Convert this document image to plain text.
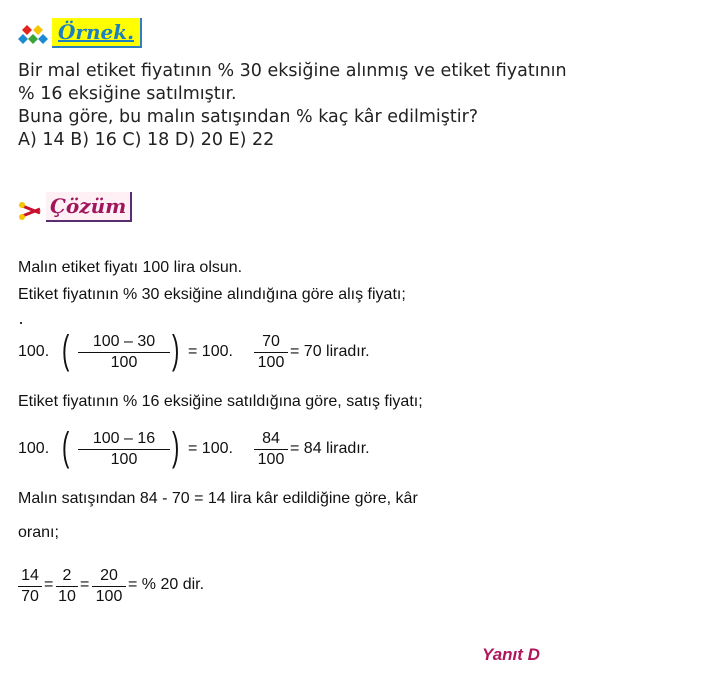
Örnek.
Bir mal etiket fiyatının % 30 eksiğine alınmış ve etiket fiyatının
% 16 eksiğine satılmıştır.
Buna göre, bu malın satışından % kaç kâr edilmiştir?
A) 14 B) 16 C) 18 D) 20 E) 22
Çözüm
Malın etiket fiyatı 100 lira olsun.
Etiket fiyatının % 30 eksiğine alındığına göre alış fiyatı;
100. (	100 – 30
100 ) = 100.
70
100
= 70 liradır.
Etiket fiyatının % 16 eksiğine satıldığına göre, satış fiyatı;
100. (	100 – 16
100 ) = 100.
84
100
= 84 liradır.
Malın satışından 84 - 70 = 14 lira kâr edildiğine göre, kâr
oranı;
14
70
=
2
10
=
20
100
= % 20 dir.
Yanıt D
